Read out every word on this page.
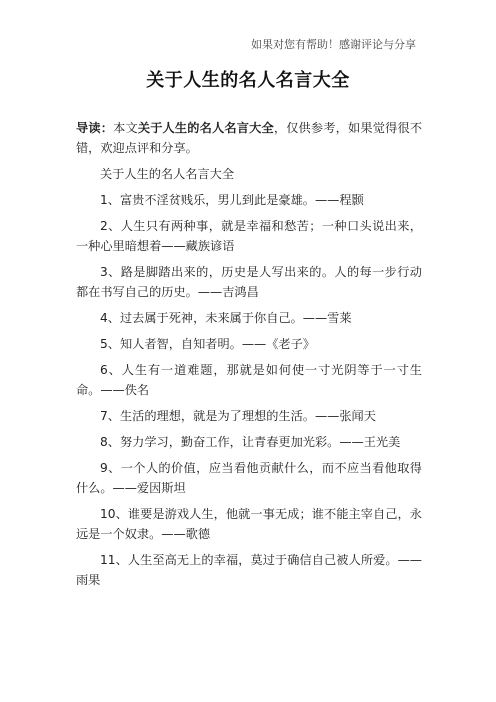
如果对您有帮助！感谢评论与分享
关于人生的名人名言大全

导读：本文关于人生的名人名言大全，仅供参考，如果觉得很不错，欢迎点评和分享。

关于人生的名人名言大全

1、富贵不淫贫贱乐，男儿到此是豪雄。——程颢

2、人生只有两种事，就是幸福和愁苦；一种口头说出来，一种心里暗想着——藏族谚语

3、路是脚踏出来的，历史是人写出来的。人的每一步行动都在书写自己的历史。——吉鸿昌

4、过去属于死神，未来属于你自己。——雪莱

5、知人者智，自知者明。——《老子》

6、人生有一道难题，那就是如何使一寸光阴等于一寸生命。——佚名

7、生活的理想，就是为了理想的生活。——张闻天

8、努力学习，勤奋工作，让青春更加光彩。——王光美

9、一个人的价值，应当看他贡献什么，而不应当看他取得什么。——爱因斯坦

10、谁要是游戏人生，他就一事无成；谁不能主宰自己，永远是一个奴隶。——歌德

11、人生至高无上的幸福，莫过于确信自己被人所爱。——雨果
